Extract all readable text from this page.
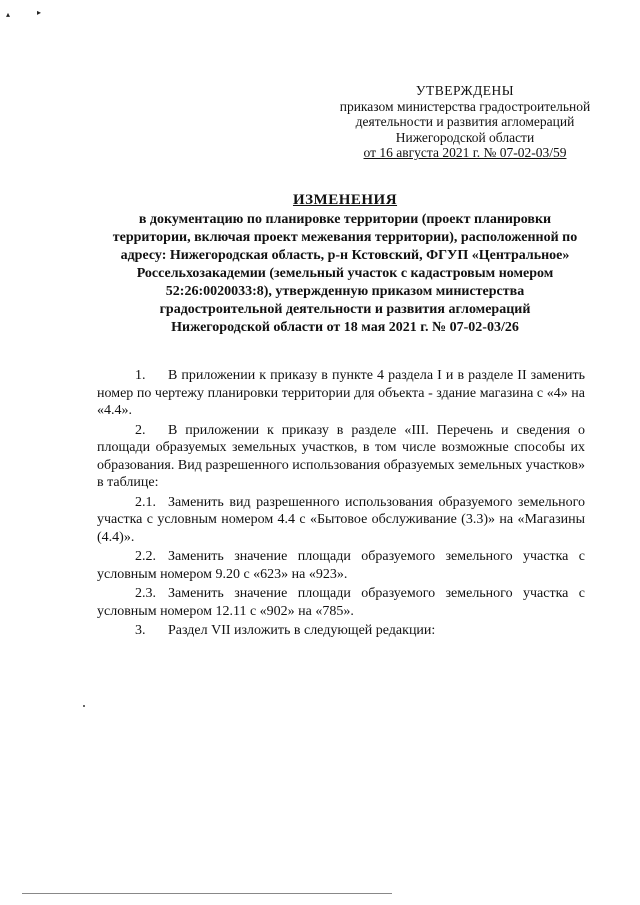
▴	▸
УТВЕРЖДЕНЫ
приказом министерства градостроительной
деятельности и развития агломераций
Нижегородской области
от 16 августа 2021 г. № 07-02-03/59
ИЗМЕНЕНИЯ
в документацию по планировке территории (проект планировки
территории, включая проект межевания территории), расположенной по
адресу: Нижегородская область, р-н Кстовский, ФГУП «Центральное»
Россельхозакадемии (земельный участок с кадастровым номером
52:26:0020033:8), утвержденную приказом министерства
градостроительной деятельности и развития агломераций
Нижегородской области от 18 мая 2021 г. № 07-02-03/26

1. В приложении к приказу в пункте 4 раздела I и в разделе II заменить номер по чертежу планировки территории для объекта - здание магазина с «4» на «4.4».

2. В приложении к приказу в разделе «III. Перечень и сведения о площади образуемых земельных участков, в том числе возможные способы их образования. Вид разрешенного использования образуемых земельных участков» в таблице:

2.1. Заменить вид разрешенного использования образуемого земельного участка с условным номером 4.4 с «Бытовое обслуживание (3.3)» на «Магазины (4.4)».

2.2. Заменить значение площади образуемого земельного участка с условным номером 9.20 с «623» на «923».

2.3. Заменить значение площади образуемого земельного участка с условным номером 12.11 с «902» на «785».

3. Раздел VII изложить в следующей редакции:
